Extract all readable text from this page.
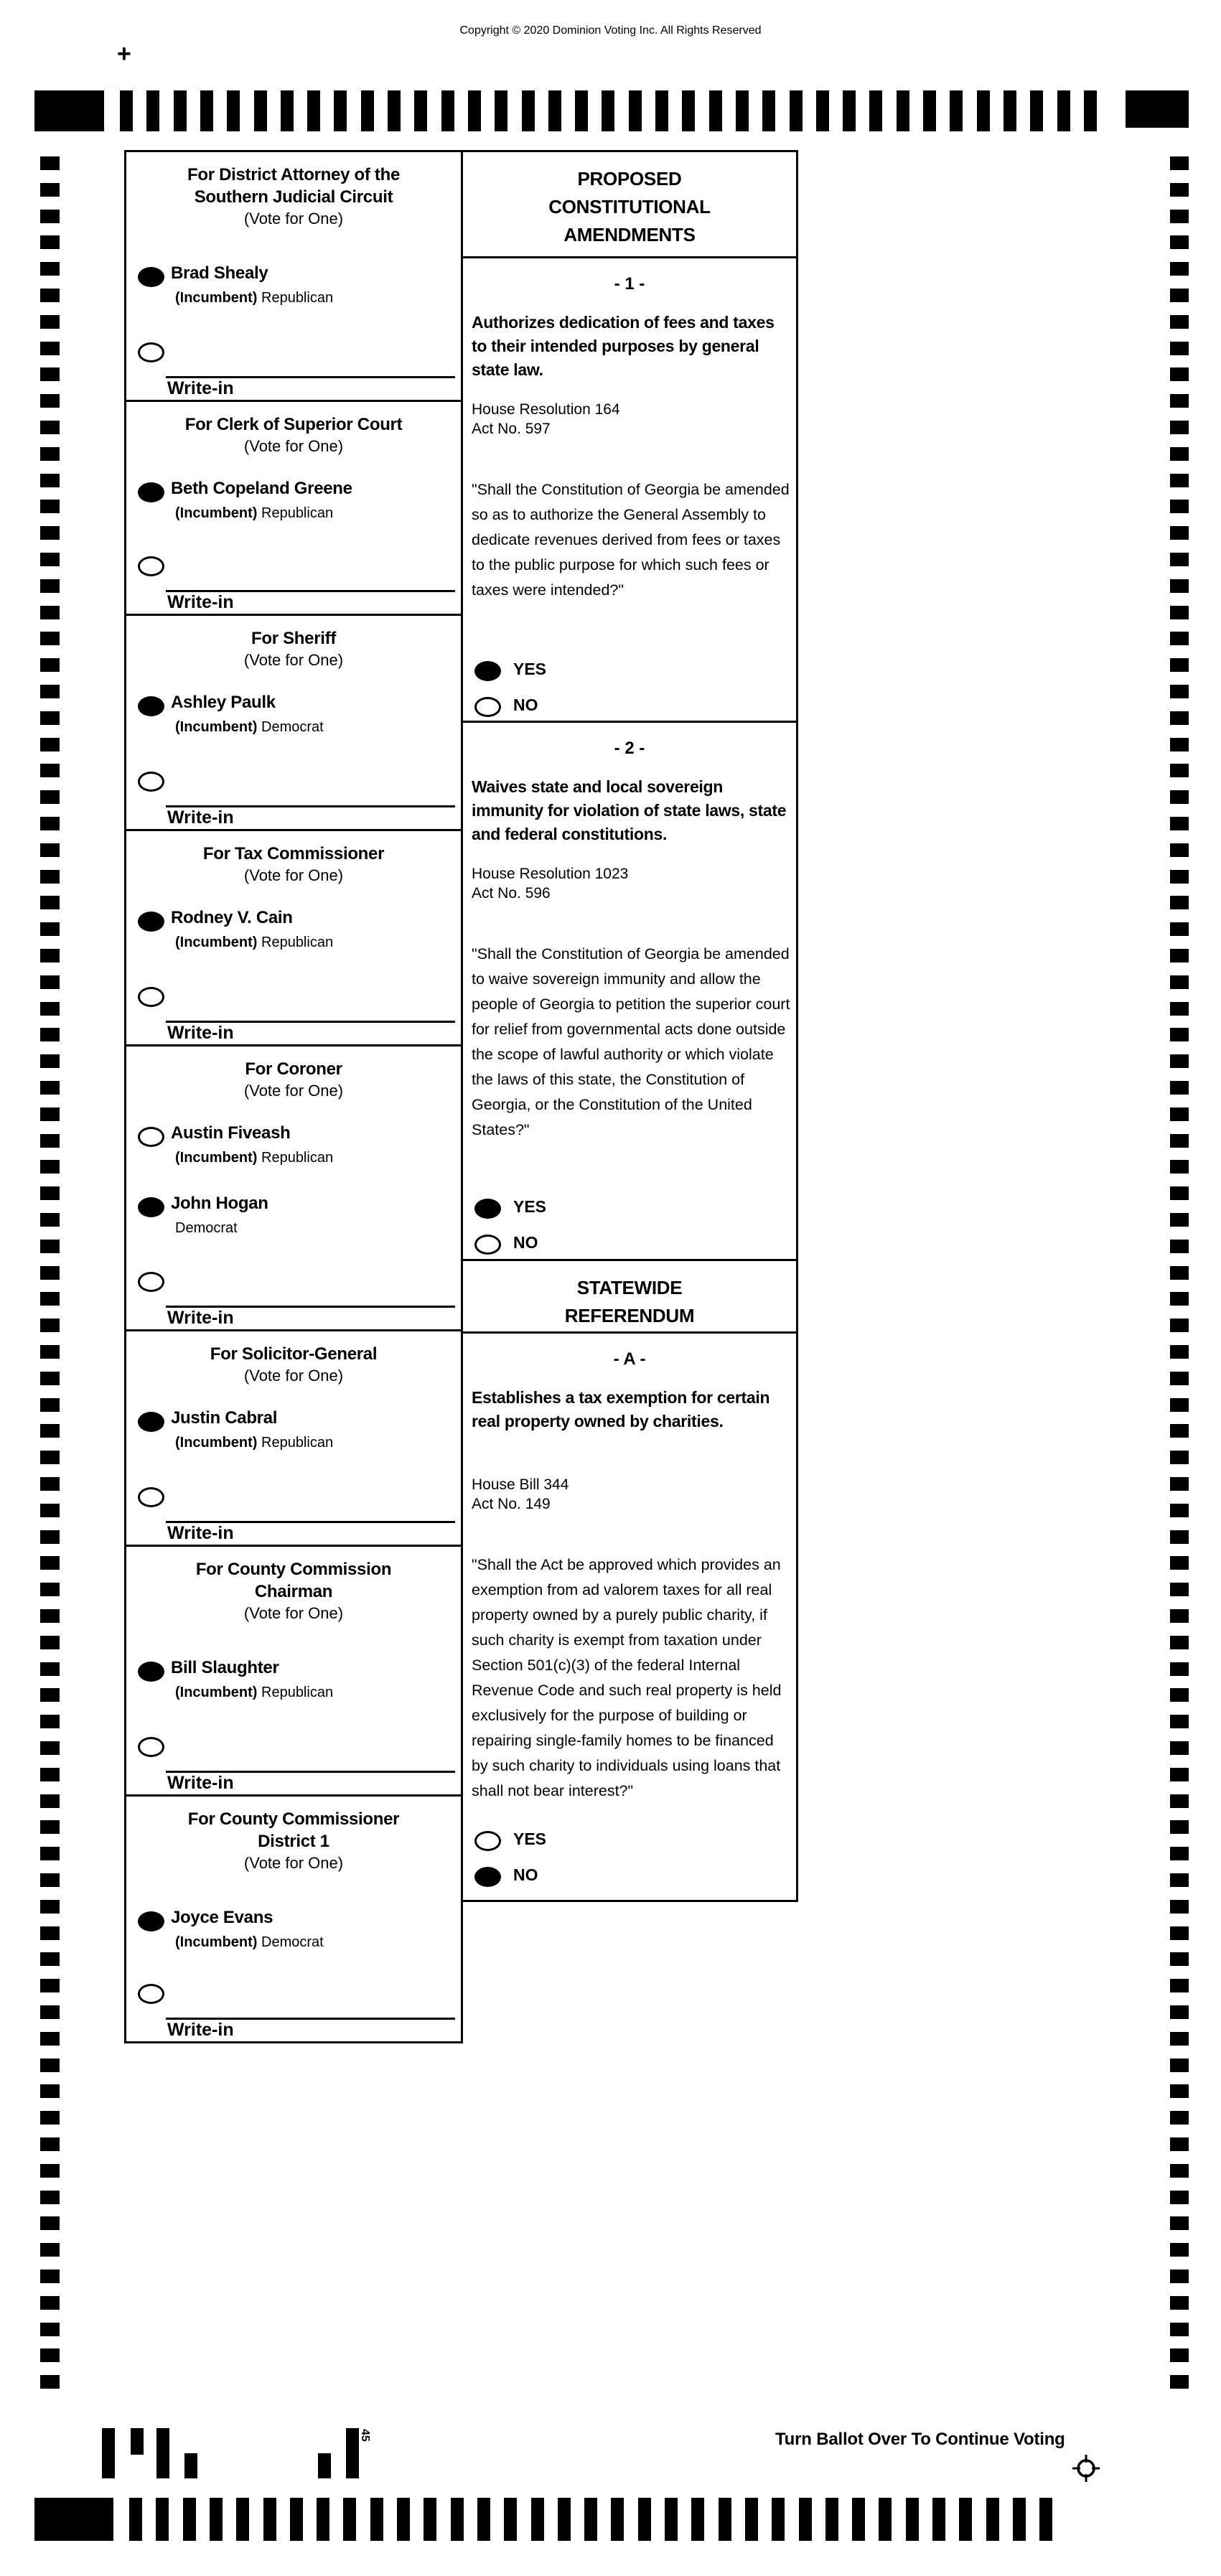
Copyright © 2020 Dominion Voting Inc. All Rights Reserved
+
For District Attorney of the
Southern Judicial Circuit
(Vote for One)
Brad Shealy
(Incumbent) Republican
Write-in
For Clerk of Superior Court
(Vote for One)
Beth Copeland Greene
(Incumbent) Republican
Write-in
For Sheriff
(Vote for One)
Ashley Paulk
(Incumbent) Democrat
Write-in
For Tax Commissioner
(Vote for One)
Rodney V. Cain
(Incumbent) Republican
Write-in
For Coroner
(Vote for One)
Austin Fiveash
(Incumbent) Republican
John Hogan
Democrat
Write-in
For Solicitor-General
(Vote for One)
Justin Cabral
(Incumbent) Republican
Write-in
For County Commission
Chairman
(Vote for One)
Bill Slaughter
(Incumbent) Republican
Write-in
For County Commissioner
District 1
(Vote for One)
Joyce Evans
(Incumbent) Democrat
Write-in
PROPOSED
CONSTITUTIONAL
AMENDMENTS
- 1 -
Authorizes dedication of fees and taxes to their intended purposes by general state law.
House Resolution 164
Act No. 597
"Shall the Constitution of Georgia be amended so as to authorize the General Assembly to dedicate revenues derived from fees or taxes to the public purpose for which such fees or taxes were intended?"
YES
NO
- 2 -
Waives state and local sovereign immunity for violation of state laws, state and federal constitutions.
House Resolution 1023
Act No. 596
"Shall the Constitution of Georgia be amended to waive sovereign immunity and allow the people of Georgia to petition the superior court for relief from governmental acts done outside the scope of lawful authority or which violate the laws of this state, the Constitution of Georgia, or the Constitution of the United States?"
YES
NO
STATEWIDE
REFERENDUM
- A -
Establishes a tax exemption for certain real property owned by charities.
House Bill 344
Act No. 149
"Shall the Act be approved which provides an exemption from ad valorem taxes for all real property owned by a purely public charity, if such charity is exempt from taxation under Section 501(c)(3) of the federal Internal Revenue Code and such real property is held exclusively for the purpose of building or repairing single-family homes to be financed by such charity to individuals using loans that shall not bear interest?"
YES
NO
Turn Ballot Over To Continue Voting
45
